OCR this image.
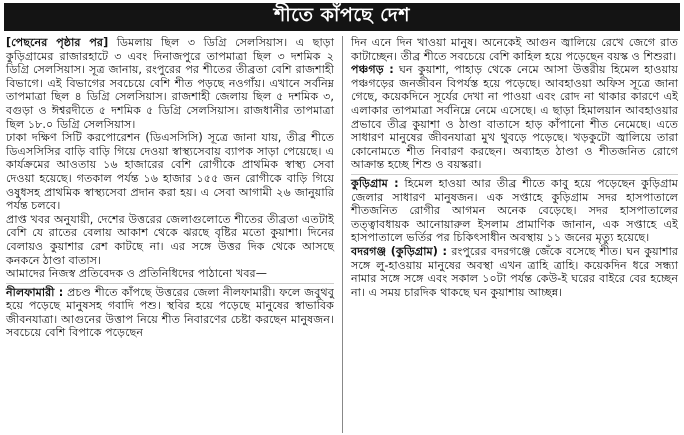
শীতে কাঁপছে দেশ

[পেছনের পৃষ্ঠার পর] ডিমলায় ছিল ৩ ডিগ্রি সেলসিয়াস। এ ছাড়া কুড়িগ্রামের রাজারহাটে ৩ এবং দিনাজপুরে তাপমাত্রা ছিল ৩ দশমিক ২ ডিগ্রি সেলসিয়াস। সূত্র জানায়, রংপুরের পর শীতের তীব্রতা বেশি রাজশাহী বিভাগে। এই বিভাগের সবচেয়ে বেশি শীত পড়ছে নওগাঁয়। এখানে সর্বনিম্ন তাপমাত্রা ছিল ৪ ডিগ্রি সেলসিয়াস। রাজশাহী জেলায় ছিল ৫ দশমিক ৩, বগুড়া ও ঈশ্বরদীতে ৫ দশমিক ৫ ডিগ্রি সেলসিয়াস। রাজধানীর তাপমাত্রা ছিল ১৮.০ ডিগ্রি সেলসিয়াস।

ঢাকা দক্ষিণ সিটি করপোরেশন (ডিএসসিসি) সূত্রে জানা যায়, তীব্র শীতে ডিএসসিসির বাড়ি বাড়ি গিয়ে দেওয়া স্বাস্থ্যসেবায় ব্যাপক সাড়া পেয়েছে। এ কার্যক্রমের আওতায় ১৬ হাজারের বেশি রোগীকে প্রাথমিক স্বাস্থ্য সেবা দেওয়া হয়েছে। গতকাল পর্যন্ত ১৬ হাজার ১৫৫ জন রোগীকে বাড়ি গিয়ে ওষুধসহ প্রাথমিক স্বাস্থ্যসেবা প্রদান করা হয়। এ সেবা আগামী ২৬ জানুয়ারি পর্যন্ত চলবে।

প্রাপ্ত খবর অনুযায়ী, দেশের উত্তরের জেলাগুলোতে শীতের তীব্রতা এতটাই বেশি যে রাতের বেলায় আকাশ থেকে ঝরছে বৃষ্টির মতো কুয়াশা। দিনের বেলায়ও কুয়াশার রেশ কাটছে না। এর সঙ্গে উত্তর দিক থেকে আসছে কনকনে ঠাণ্ডা বাতাস।

আমাদের নিজস্ব প্রতিবেদক ও প্রতিনিধিদের পাঠানো খবর—

নীলফামারী : প্রচণ্ড শীতে কাঁপছে উত্তরের জেলা নীলফামারী। ফলে জবুথবু হয়ে পড়েছে মানুষসহ গবাদি পশু। স্থবির হয়ে পড়েছে মানুষের স্বাভাবিক জীবনযাত্রা। আগুনের উত্তাপ নিয়ে শীত নিবারণের চেষ্টা করছেন মানুষজন। সবচেয়ে বেশি বিপাকে পড়েছেন

দিন এনে দিন খাওয়া মানুষ। অনেকেই আগুন জ্বালিয়ে রেখে জেগে রাত কাটাচ্ছেন। তীব্র শীতে সবচেয়ে বেশি কাহিল হয়ে পড়েছেন বয়স্ক ও শিশুরা।

পঞ্চগড় : ঘন কুয়াশা, পাহাড় থেকে নেমে আসা উত্তরীয় হিমেল হাওয়ায় পঞ্চগড়ের জনজীবন বিপর্যস্ত হয়ে পড়েছে। আবহাওয়া অফিস সূত্রে জানা গেছে, কয়েকদিনে সূর্যের দেখা না পাওয়া এবং রোদ না থাকার কারণে এই এলাকার তাপমাত্রা সর্বনিম্নে নেমে এসেছে। এ ছাড়া হিমালয়ান আবহাওয়ার প্রভাবে তীব্র কুয়াশা ও ঠাণ্ডা বাতাসে হাড় কাঁপানো শীত নেমেছে। এতে সাধারণ মানুষের জীবনযাত্রা মুখ থুবড়ে পড়েছে। খড়কুটো জ্বালিয়ে তারা কোনোমতে শীত নিবারণ করছেন। অব্যাহত ঠাণ্ডা ও শীতজনিত রোগে আক্রান্ত হচ্ছে শিশু ও বয়স্করা।

কুড়িগ্রাম : হিমেল হাওয়া আর তীব্র শীতে কাবু হয়ে পড়েছেন কুড়িগ্রাম জেলার সাধারণ মানুষজন। এক সপ্তাহে কুড়িগ্রাম সদর হাসপাতালে শীতজনিত রোগীর আগমন অনেক বেড়েছে। সদর হাসপাতালের তত্ত্বাবধায়ক আনোয়ারুল ইসলাম প্রামাণিক জানান, এক সপ্তাহে এই হাসপাতালে ভর্তির পর চিকিৎসাধীন অবস্থায় ১১ জনের মৃত্যু হয়েছে।

বদরগঞ্জ (কুড়িগ্রাম) : রংপুরের বদরগঞ্জে জেঁকে বসেছে শীত। ঘন কুয়াশার সঙ্গে লু-হাওয়ায় মানুষের অবস্থা এখন ত্রাহি ত্রাহি। কয়েকদিন ধরে সন্ধ্যা নামার সঙ্গে সঙ্গে এবং সকাল ১০টা পর্যন্ত কেউ-ই ঘরের বাইরে বের হচ্ছেন না। এ সময় চারদিক থাকছে ঘন কুয়াশায় আচ্ছন্ন।
